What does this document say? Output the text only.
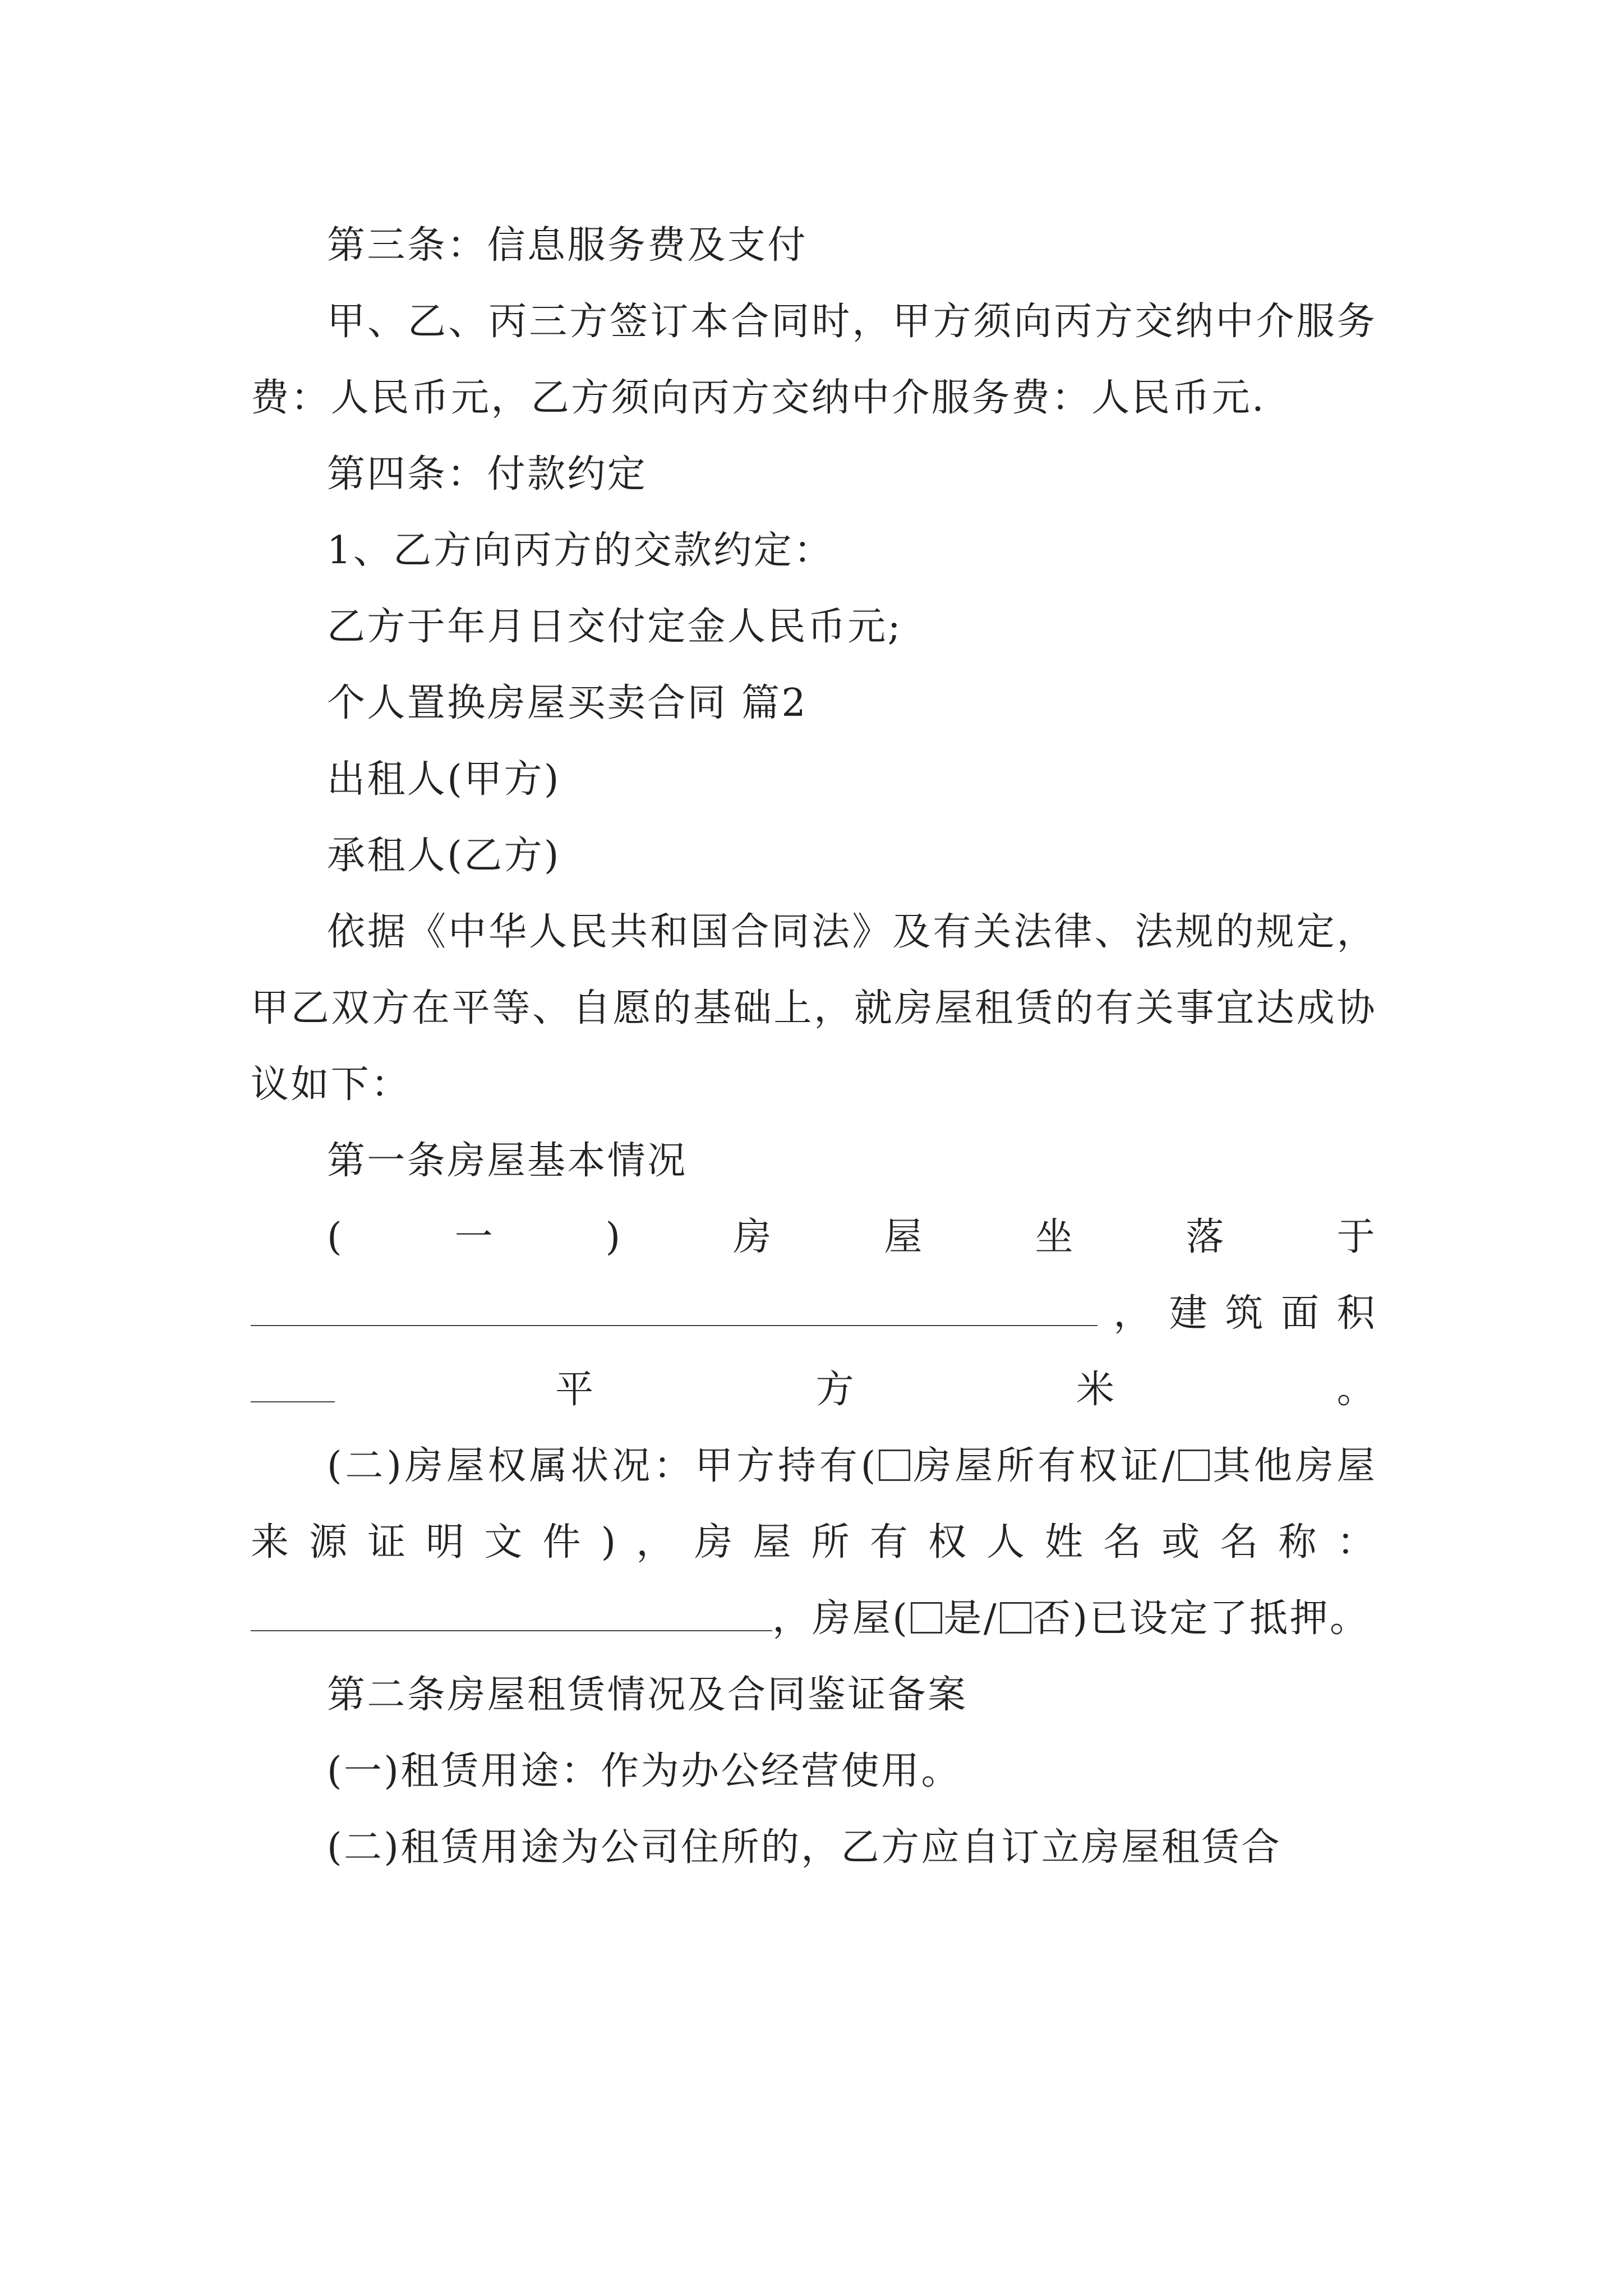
第三条：信息服务费及支付

甲、乙、丙三方签订本合同时，甲方须向丙方交纳中介服务费：人民币元，乙方须向丙方交纳中介服务费：人民币元.

第四条：付款约定

1、乙方向丙方的交款约定：

乙方于年月日交付定金人民币元;

个人置换房屋买卖合同 篇2

出租人(甲方)

承租人(乙方)

依据《中华人民共和国合同法》及有关法律、法规的规定，甲乙双方在平等、自愿的基础上，就房屋租赁的有关事宜达成协议如下：

第一条房屋基本情况

(一)房屋坐落于，建筑面积平方米。

(二)房屋权属状况：甲方持有( 房屋所有权证/ 其他房屋来源证明文件)，房屋所有权人姓名或名称：，房屋( 是/ 否)已设定了抵押。

第二条房屋租赁情况及合同鉴证备案

(一)租赁用途：作为办公经营使用。

(二)租赁用途为公司住所的，乙方应自订立房屋租赁合
